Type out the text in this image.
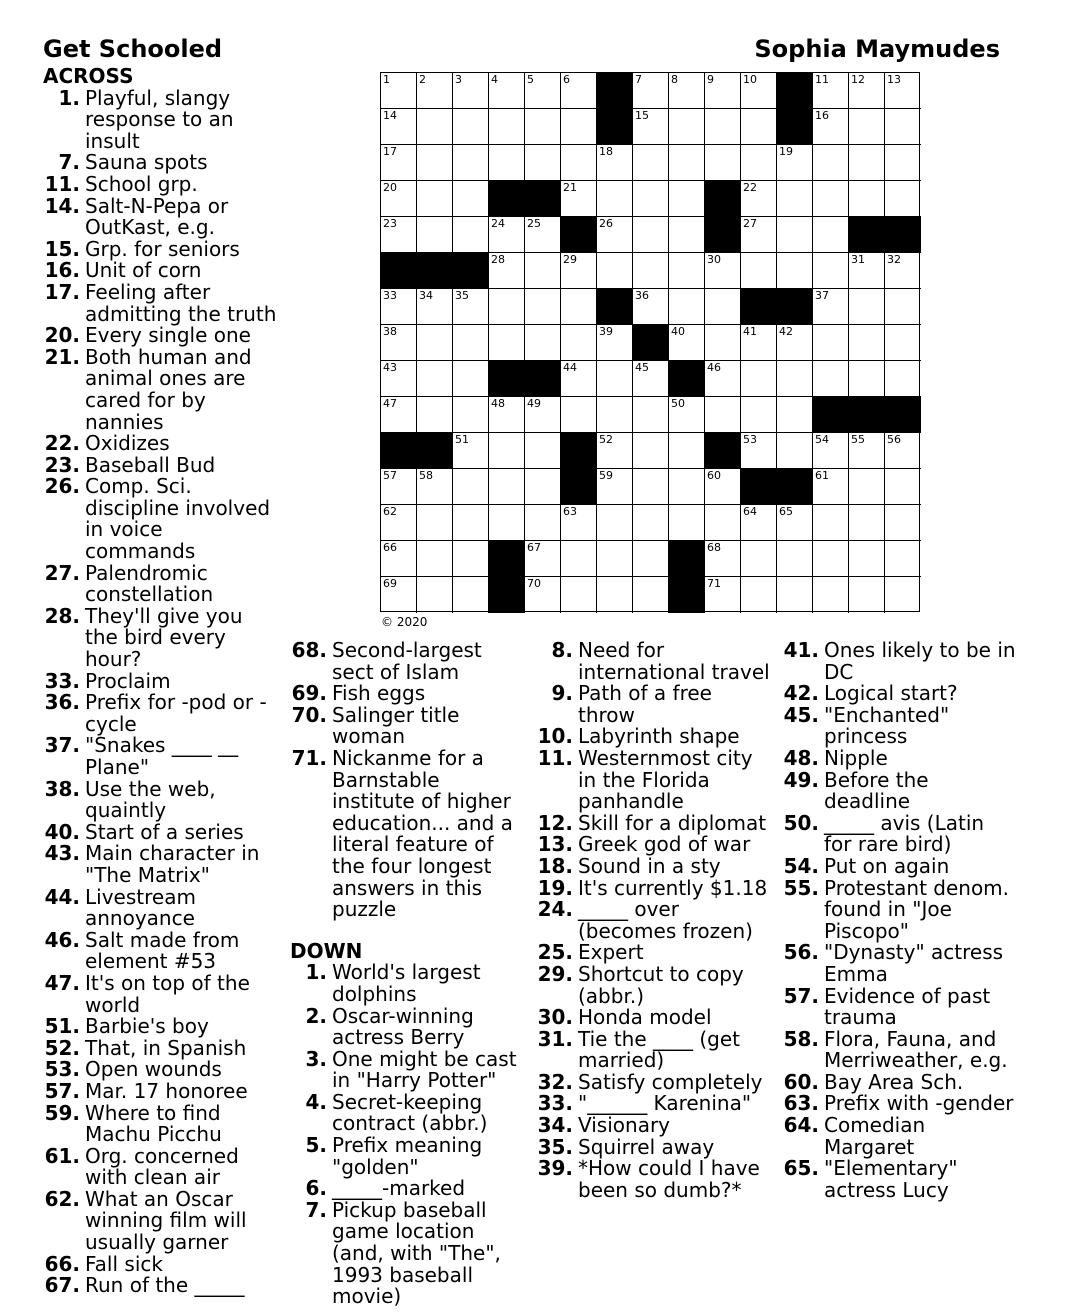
Get Schooled	Sophia Maymudes
1	2	3	4	5	6	7	8	9	10	11 12 13
14	15	16
17	18	19
20	21	22
23	24 25	26	27
28	29	30	31 32
33 34 35	36	37
38	39	40	41 42
43	44	45	46
47	48 49	50
51	52	53	54 55 56
57 58	59	60	61
62	63	64 65
66	67	68
69	70	71
© 2020
ACROSS
1. Playful, slangy response to an insult
7. Sauna spots
11. School grp.
14. Salt-N-Pepa or OutKast, e.g.
15. Grp. for seniors
16. Unit of corn
17. Feeling after admitting the truth
20. Every single one
21. Both human and animal ones are cared for by nannies
22. Oxidizes
23. Baseball Bud
26. Comp. Sci. discipline involved in voice commands
27. Palendromic constellation
28. They'll give you the bird every hour?
33. Proclaim
36. Prefix for -pod or -cycle
37. "Snakes ____ __ Plane"
38. Use the web, quaintly
40. Start of a series
43. Main character in "The Matrix"
44. Livestream annoyance
46. Salt made from element #53
47. It's on top of the world
51. Barbie's boy
52. That, in Spanish
53. Open wounds
57. Mar. 17 honoree
59. Where to find Machu Picchu
61. Org. concerned with clean air
62. What an Oscar winning film will usually garner
66. Fall sick
67. Run of the _____
68. Second-largest sect of Islam
69. Fish eggs
70. Salinger title woman
71. Nickanme for a Barnstable institute of higher education... and a literal feature of the four longest answers in this puzzle
DOWN
1. World's largest dolphins
2. Oscar-winning actress Berry
3. One might be cast in "Harry Potter"
4. Secret-keeping contract (abbr.)
5. Prefix meaning "golden"
6. _____-marked
7. Pickup baseball game location (and, with "The", 1993 baseball movie)
8. Need for international travel
9. Path of a free throw
10. Labyrinth shape
11. Westernmost city in the Florida panhandle
12. Skill for a diplomat
13. Greek god of war
18. Sound in a sty
19. It's currently $1.18
24. _____ over (becomes frozen)
25. Expert
29. Shortcut to copy (abbr.)
30. Honda model
31. Tie the ____ (get married)
32. Satisfy completely
33. "______ Karenina"
34. Visionary
35. Squirrel away
39. *How could I have been so dumb?*
41. Ones likely to be in DC
42. Logical start?
45. "Enchanted" princess
48. Nipple
49. Before the deadline
50. _____ avis (Latin for rare bird)
54. Put on again
55. Protestant denom. found in "Joe Piscopo"
56. "Dynasty" actress Emma
57. Evidence of past trauma
58. Flora, Fauna, and Merriweather, e.g.
60. Bay Area Sch.
63. Prefix with -gender
64. Comedian Margaret
65. "Elementary" actress Lucy
